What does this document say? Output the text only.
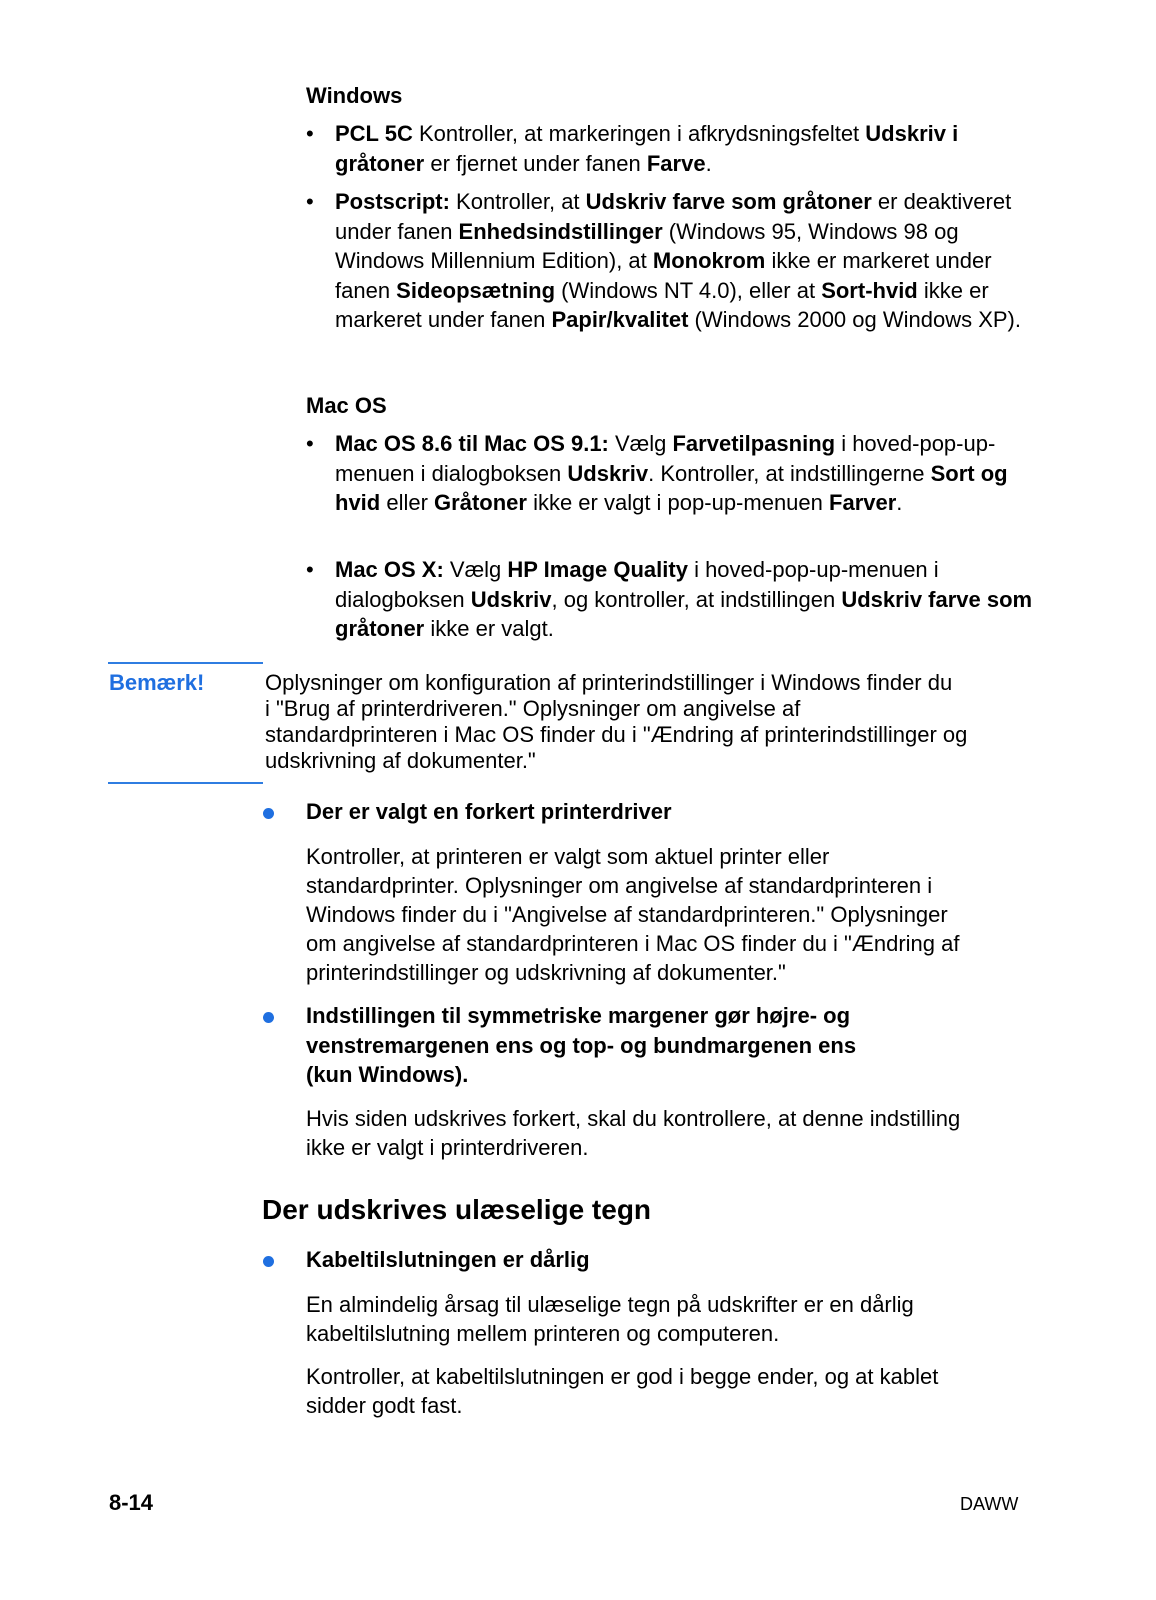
Windows
• PCL 5C Kontroller, at markeringen i afkrydsningsfeltet Udskriv i gråtoner er fjernet under fanen Farve.
• Postscript: Kontroller, at Udskriv farve som gråtoner er deaktiveret under fanen Enhedsindstillinger (Windows 95, Windows 98 og Windows Millennium Edition), at Monokrom ikke er markeret under fanen Sideopsætning (Windows NT 4.0), eller at Sort-hvid ikke er markeret under fanen Papir/kvalitet (Windows 2000 og Windows XP).
Mac OS
• Mac OS 8.6 til Mac OS 9.1: Vælg Farvetilpasning i hoved-pop-up-menuen i dialogboksen Udskriv. Kontroller, at indstillingerne Sort og hvid eller Gråtoner ikke er valgt i pop-up-menuen Farver.
• Mac OS X: Vælg HP Image Quality i hoved-pop-up-menuen i dialogboksen Udskriv, og kontroller, at indstillingen Udskriv farve som gråtoner ikke er valgt.
Bemærk!	Oplysninger om konfiguration af printerindstillinger i Windows finder du
i "Brug af printerdriveren." Oplysninger om angivelse af
standardprinteren i Mac OS finder du i "Ændring af printerindstillinger og
udskrivning af dokumenter."
Der er valgt en forkert printerdriver
Kontroller, at printeren er valgt som aktuel printer eller
standardprinter. Oplysninger om angivelse af standardprinteren i
Windows finder du i "Angivelse af standardprinteren." Oplysninger
om angivelse af standardprinteren i Mac OS finder du i "Ændring af
printerindstillinger og udskrivning af dokumenter."
Indstillingen til symmetriske margener gør højre- og
venstremargenen ens og top- og bundmargenen ens
(kun Windows).
Hvis siden udskrives forkert, skal du kontrollere, at denne indstilling
ikke er valgt i printerdriveren.
Der udskrives ulæselige tegn
Kabeltilslutningen er dårlig
En almindelig årsag til ulæselige tegn på udskrifter er en dårlig
kabeltilslutning mellem printeren og computeren.
Kontroller, at kabeltilslutningen er god i begge ender, og at kablet
sidder godt fast.
8-14	DAWW
